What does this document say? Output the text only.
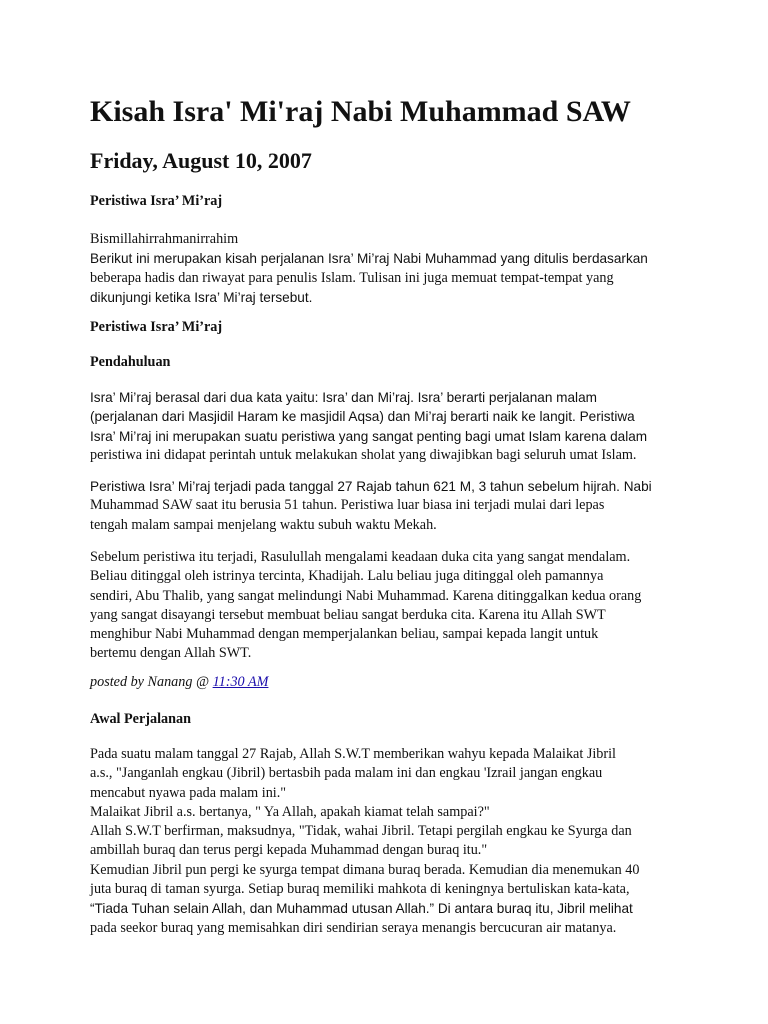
Kisah Isra' Mi'raj Nabi Muhammad SAW
Friday, August 10, 2007

Peristiwa Isra’ Mi’raj

Bismillahirrahmanirrahim

Berikut ini merupakan kisah perjalanan Isra’ Mi’raj Nabi Muhammad yang ditulis berdasarkan

beberapa hadis dan riwayat para penulis Islam. Tulisan ini juga memuat tempat-tempat yang

dikunjungi ketika Isra’ Mi’raj tersebut.

Peristiwa Isra’ Mi’raj

Pendahuluan

Isra’ Mi’raj berasal dari dua kata yaitu: Isra’ dan Mi’raj. Isra’ berarti perjalanan malam

(perjalanan dari Masjidil Haram ke masjidil Aqsa) dan Mi’raj berarti naik ke langit. Peristiwa

Isra’ Mi’raj ini merupakan suatu peristiwa yang sangat penting bagi umat Islam karena dalam

peristiwa ini didapat perintah untuk melakukan sholat yang diwajibkan bagi seluruh umat Islam.

Peristiwa Isra’ Mi’raj terjadi pada tanggal 27 Rajab tahun 621 M, 3 tahun sebelum hijrah. Nabi

Muhammad SAW saat itu berusia 51 tahun. Peristiwa luar biasa ini terjadi mulai dari lepas

tengah malam sampai menjelang waktu subuh waktu Mekah.

Sebelum peristiwa itu terjadi, Rasulullah mengalami keadaan duka cita yang sangat mendalam.

Beliau ditinggal oleh istrinya tercinta, Khadijah. Lalu beliau juga ditinggal oleh pamannya

sendiri, Abu Thalib, yang sangat melindungi Nabi Muhammad. Karena ditinggalkan kedua orang

yang sangat disayangi tersebut membuat beliau sangat berduka cita. Karena itu Allah SWT

menghibur Nabi Muhammad dengan memperjalankan beliau, sampai kepada langit untuk

bertemu dengan Allah SWT.

posted by Nanang @ 11:30 AM

Awal Perjalanan

Pada suatu malam tanggal 27 Rajab, Allah S.W.T memberikan wahyu kepada Malaikat Jibril

a.s., "Janganlah engkau (Jibril) bertasbih pada malam ini dan engkau 'Izrail jangan engkau

mencabut nyawa pada malam ini."

Malaikat Jibril a.s. bertanya, " Ya Allah, apakah kiamat telah sampai?"

Allah S.W.T berfirman, maksudnya, "Tidak, wahai Jibril. Tetapi pergilah engkau ke Syurga dan

ambillah buraq dan terus pergi kepada Muhammad dengan buraq itu."

Kemudian Jibril pun pergi ke syurga tempat dimana buraq berada. Kemudian dia menemukan 40

juta buraq di taman syurga. Setiap buraq memiliki mahkota di keningnya bertuliskan kata-kata,

“Tiada Tuhan selain Allah, dan Muhammad utusan Allah.” Di antara buraq itu, Jibril melihat

pada seekor buraq yang memisahkan diri sendirian seraya menangis bercucuran air matanya.
